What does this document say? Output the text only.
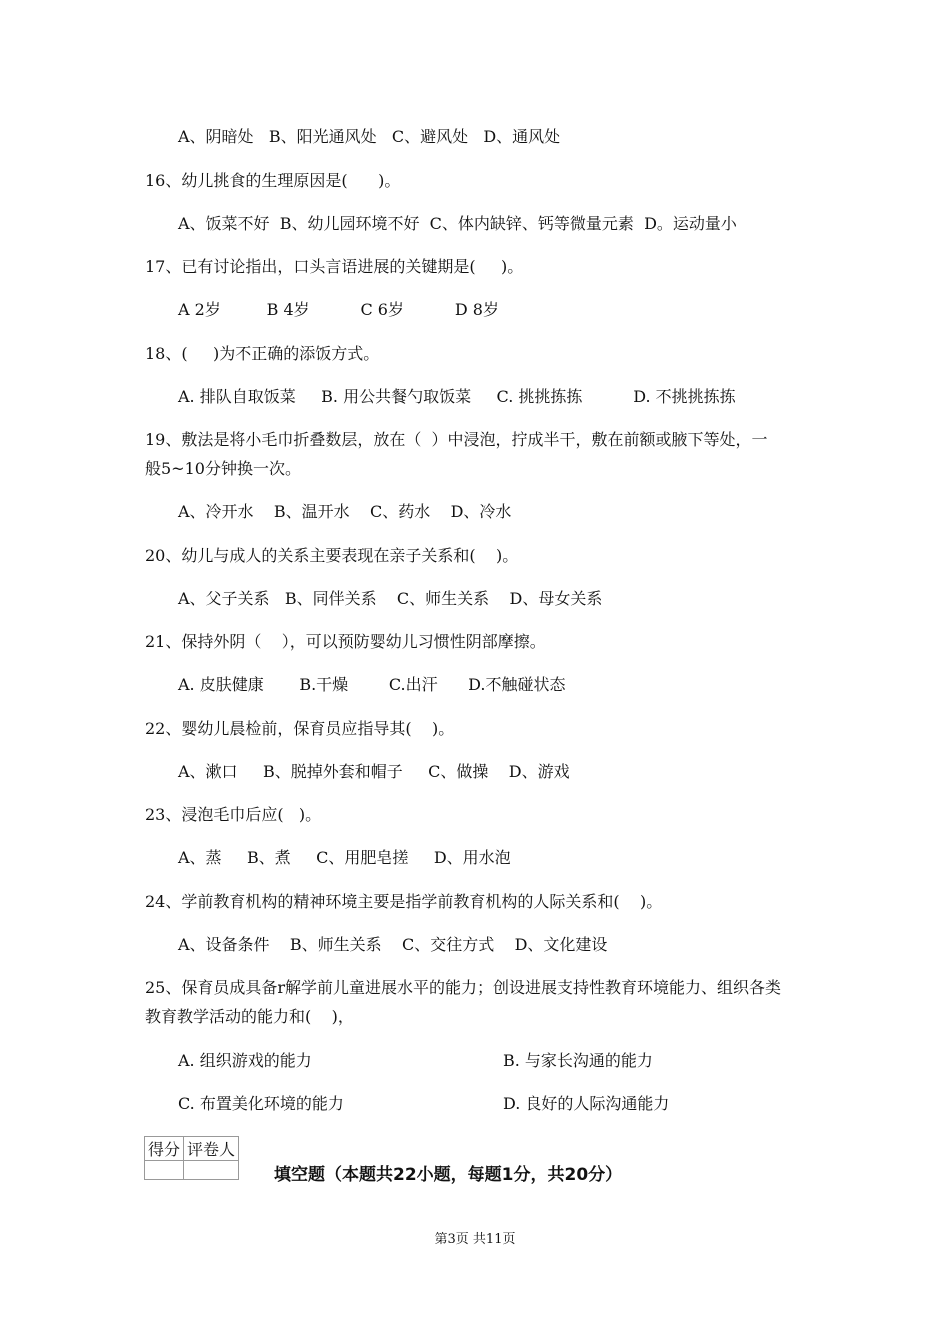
A、阴暗处   B、阳光通风处   C、避风处   D、通风处
16、幼儿挑食的生理原因是(      )。
A、饭菜不好  B、幼儿园环境不好  C、体内缺锌、钙等微量元素  D。运动量小
17、已有讨论指出，口头言语进展的关键期是(     )。
A 2岁         B 4岁          C 6岁          D 8岁
18、(     )为不正确的添饭方式。
A. 排队自取饭菜     B. 用公共餐勺取饭菜     C. 挑挑拣拣          D. 不挑挑拣拣
19、敷法是将小毛巾折叠数层，放在（  ）中浸泡，拧成半干，敷在前额或腋下等处，一
般5~10分钟换一次。
A、冷开水    B、温开水    C、药水    D、冷水
20、幼儿与成人的关系主要表现在亲子关系和(    )。
A、父子关系   B、同伴关系    C、师生关系    D、母女关系
21、保持外阴（    ），可以预防婴幼儿习惯性阴部摩擦。
A. 皮肤健康       B.干燥        C.出汗      D.不触碰状态
22、婴幼儿晨检前，保育员应指导其(    )。
A、漱口     B、脱掉外套和帽子     C、做操    D、游戏
23、浸泡毛巾后应(   )。
A、蒸     B、煮     C、用肥皂搓     D、用水泡
24、学前教育机构的精神环境主要是指学前教育机构的人际关系和(    )。
A、设备条件    B、师生关系    C、交往方式    D、文化建设
25、保育员成具备r解学前儿童进展水平的能力；创设进展支持性教育环境能力、组织各类
教育教学活动的能力和(    )，
A. 组织游戏的能力	B. 与家长沟通的能力
C. 布置美化环境的能力	D. 良好的人际沟通能力
得分	评卷人

填空题（本题共22小题，每题1分，共20分）
第3页 共11页
